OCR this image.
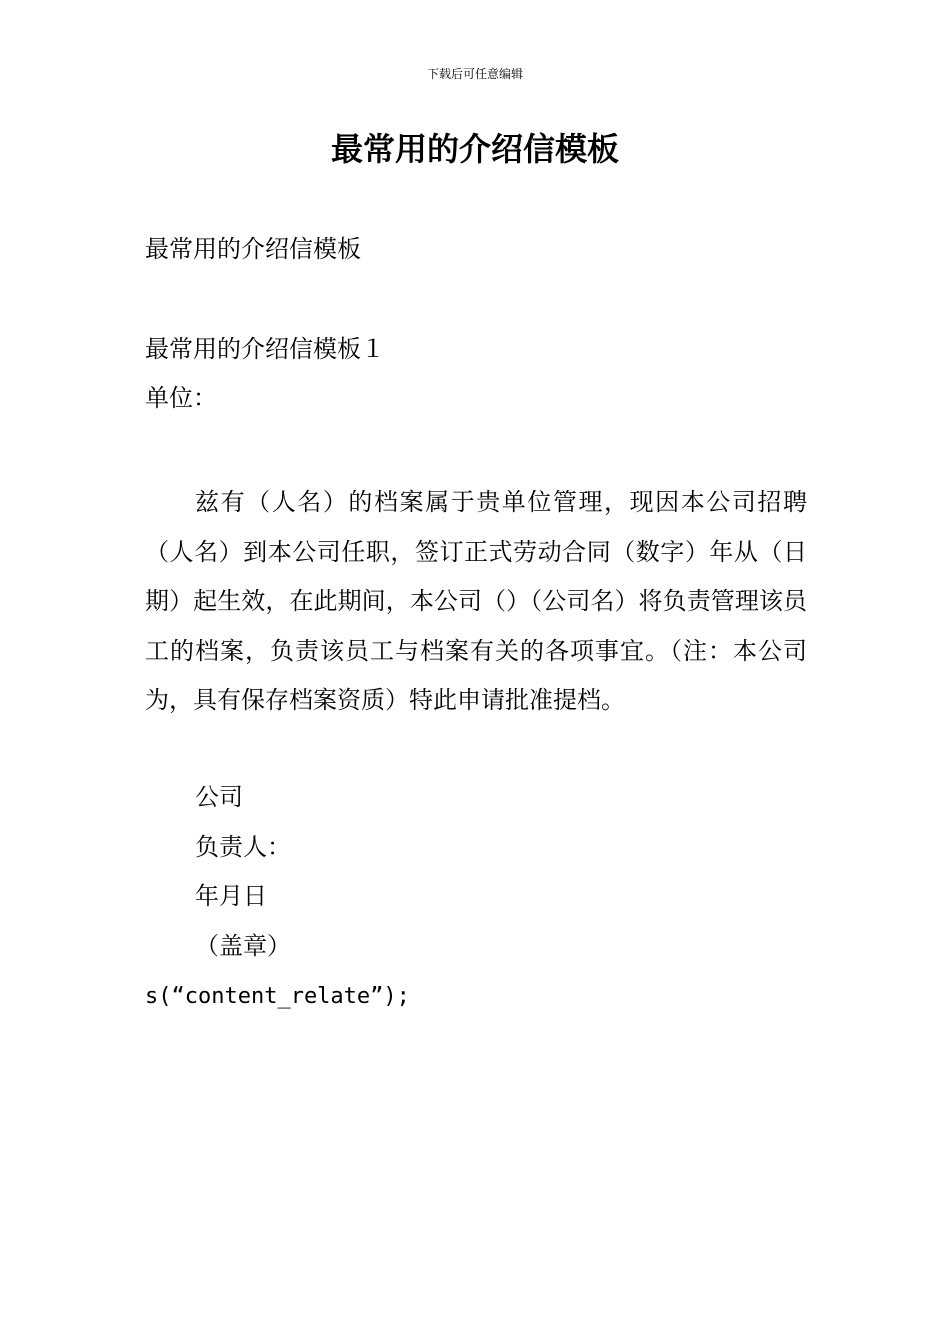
下载后可任意编辑
最常用的介绍信模板
最常用的介绍信模板
最常用的介绍信模板１
单位：

兹有（人名）的档案属于贵单位管理，现因本公司招聘（人名）到本公司任职，签订正式劳动合同（数字）年从（日期）起生效，在此期间，本公司（）（公司名）将负责管理该员工的档案，负责该员工与档案有关的各项事宜。（注：本公司为，具有保存档案资质）特此申请批准提档。

公司
负责人：
年月日
（盖章）
s(“content_relate”);
